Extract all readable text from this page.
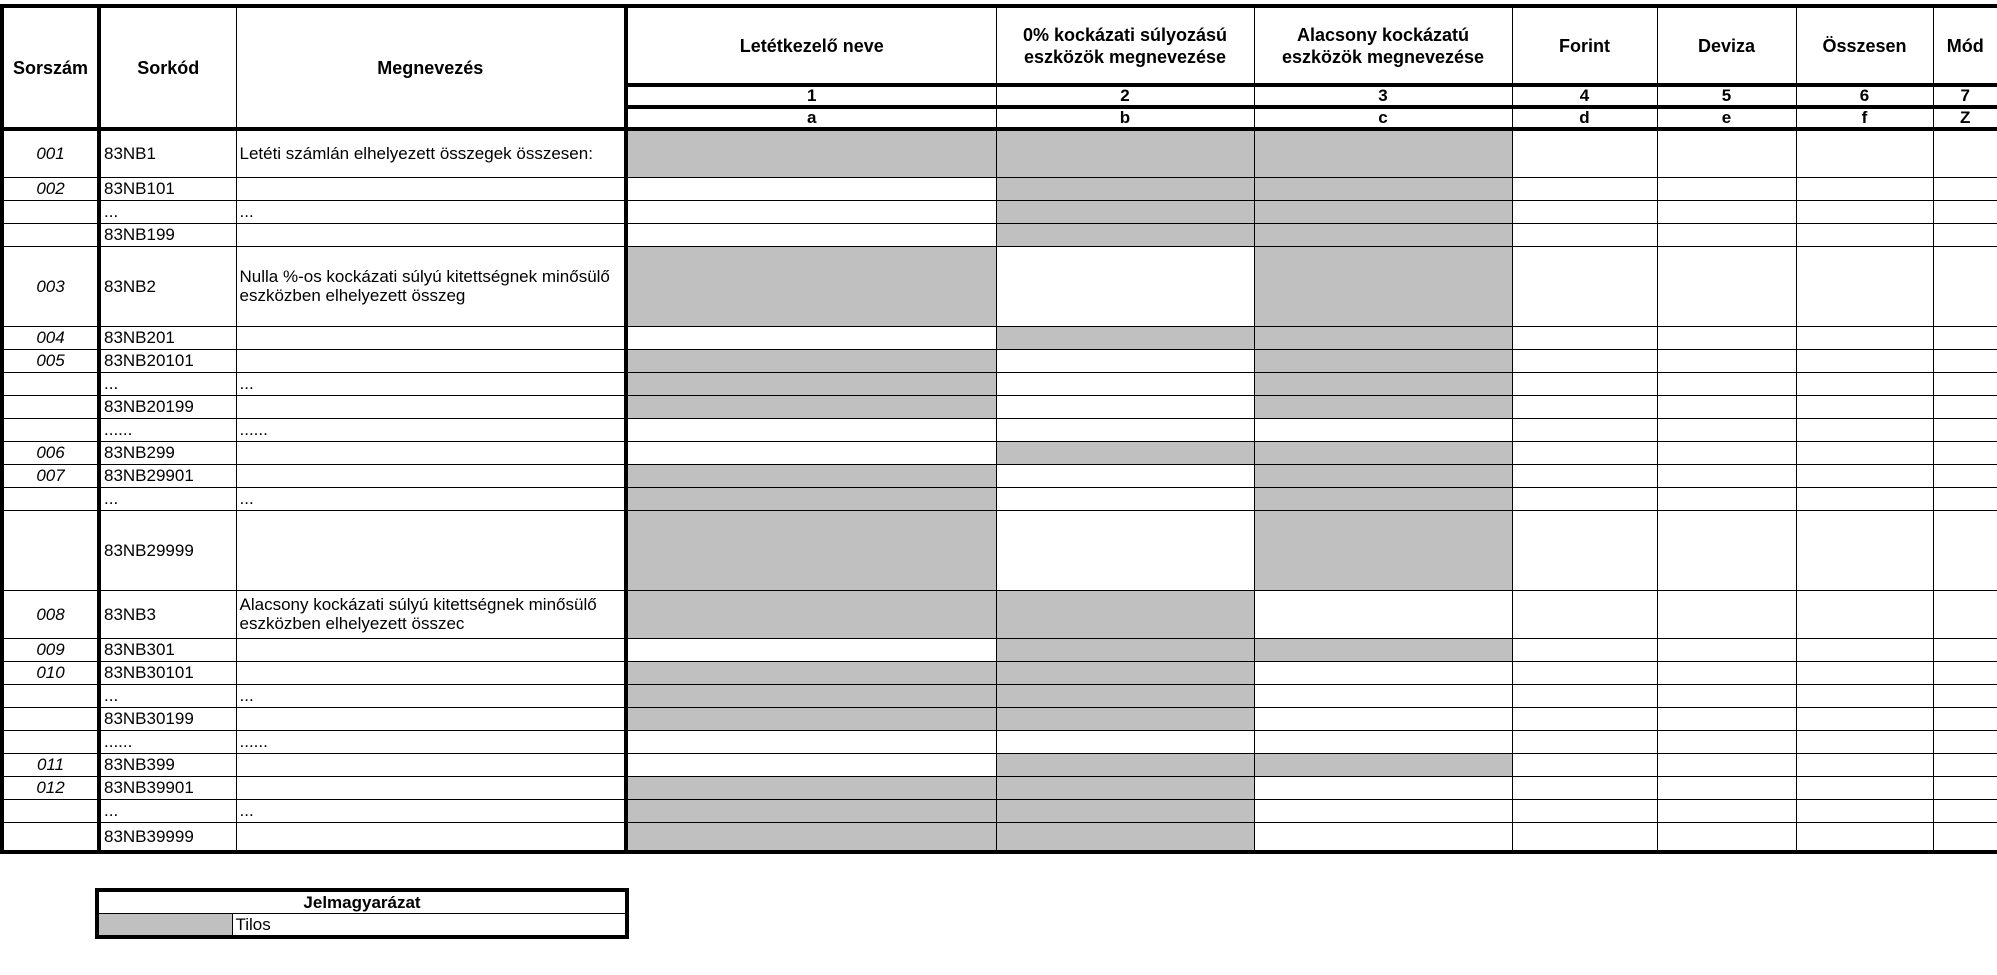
Sorszám	Sorkód	Megnevezés	Letétkezelő neve	0% kockázati súlyozású eszközök megnevezése	Alacsony kockázatú eszközök megnevezése	Forint	Deviza	Összesen	Mód
			1	2	3	4	5	6	7
			a	b	c	d	e	f	Z
001	83NB1	Letéti számlán elhelyezett összegek összesen:							
002	83NB101								
	...	...							
	83NB199								
003	83NB2	Nulla %-os kockázati súlyú kitettségnek minősülő eszközben elhelyezett összeg							
004	83NB201								
005	83NB20101								
	...	...							
	83NB20199								
	......	......							
006	83NB299								
007	83NB29901								
	...	...							
	83NB29999								
008	83NB3	Alacsony kockázati súlyú kitettségnek minősülő eszközben elhelyezett összec							
009	83NB301								
010	83NB30101								
	...	...							
	83NB30199								
	......	......							
011	83NB399								
012	83NB39901								
	...	...							
	83NB39999								
Jelmagyarázat
	Tilos
